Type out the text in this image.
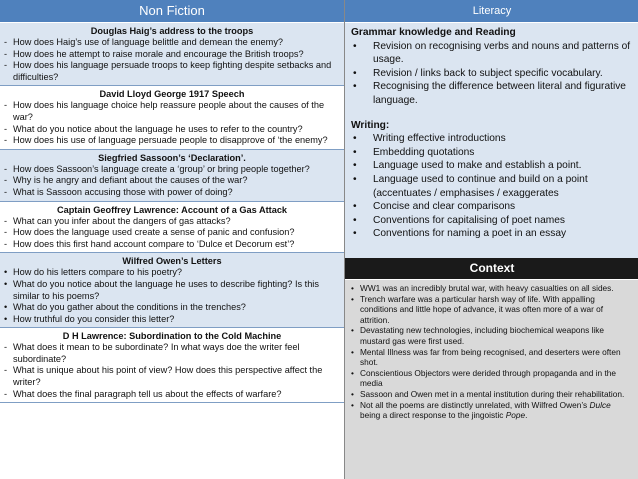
Non Fiction
Douglas Haig’s address to the troops
- How does Haig’s use of language belittle and demean the enemy?
- How does he attempt to raise morale and encourage the British troops?
- How does his language persuade troops to keep fighting despite setbacks and difficulties?
David Lloyd George 1917 Speech
- How does his language choice help reassure people about the causes of the war?
- What do you notice about the language he uses to refer to the country?
- How does his use of language persuade people to disapprove of ‘the enemy?
Siegfried Sassoon’s ‘Declaration’.
- How does Sassoon’s language create a ‘group’ or bring people together?
- Why is he angry and defiant about the causes of the war?
- What is Sassoon accusing those with power of doing?
Captain Geoffrey Lawrence: Account of a Gas Attack
- What can you infer about the dangers of gas attacks?
- How does the language used create a sense of panic and confusion?
- How does this first hand account compare to ‘Dulce et Decorum est’?
Wilfred Owen’s Letters
• How do his letters compare to his poetry?
• What do you notice about the language he uses to describe fighting? Is this similar to his poems?
• What do you gather about the conditions in the trenches?
• How truthful do you consider this letter?
D H Lawrence: Subordination to the Cold Machine
- What does it mean to be subordinate? In what ways doe the writer feel subordinate?
- What is unique about his point of view? How does this perspective affect the writer?
- What does the final paragraph tell us about the effects of warfare?
Literacy
Grammar knowledge and Reading
• Revision on recognising verbs and nouns and patterns of usage.
• Revision / links back to subject specific vocabulary.
• Recognising the difference between literal and figurative language.
Writing:
• Writing effective introductions
• Embedding quotations
• Language used to make and establish a point.
• Language used to continue and build on a point (accentuates / emphasises / exaggerates
• Concise and clear comparisons
• Conventions for capitalising of poet names
• Conventions for naming a poet in an essay
Context
• WW1 was an incredibly brutal war, with heavy casualties on all sides.
• Trench warfare was a particular harsh way of life. With appalling conditions and little hope of advance, it was often more of a war of attrition.
• Devastating new technologies, including biochemical weapons like mustard gas were first used.
• Mental Illness was far from being recognised, and deserters were often shot.
• Conscientious Objectors were derided through propaganda and in the media
• Sassoon and Owen met in a mental institution during their rehabilitation.
• Not all the poems are distinctly unrelated, with Wilfred Owen’s Dulce being a direct response to the jingoistic Pope.
